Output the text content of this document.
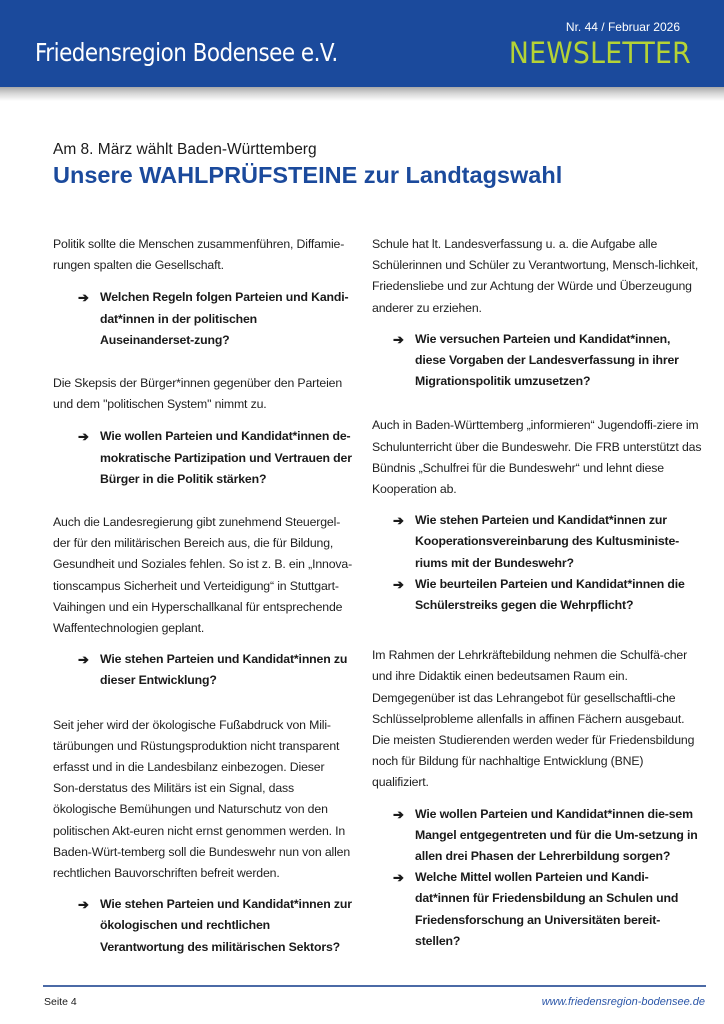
Friedensregion Bodensee e.V.
Nr. 44 / Februar 2026
NEWSLETTER
Am 8. März wählt Baden-Württemberg
Unsere WAHLPRÜFSTEINE zur Landtagswahl

Politik sollte die Menschen zusammenführen, Diffamie-rungen spalten die Gesellschaft.

➔ Welchen Regeln folgen Parteien und Kandi-dat*innen in der politischen Auseinanderset-zung?

Die Skepsis der Bürger*innen gegenüber den Parteien und dem "politischen System" nimmt zu.

➔ Wie wollen Parteien und Kandidat*innen de-mokratische Partizipation und Vertrauen der Bürger in die Politik stärken?

Auch die Landesregierung gibt zunehmend Steuergel-der für den militärischen Bereich aus, die für Bildung, Gesundheit und Soziales fehlen. So ist z. B. ein „Innova-tionscampus Sicherheit und Verteidigung“ in Stuttgart-Vaihingen und ein Hyperschallkanal für entsprechende Waffentechnologien geplant.

➔ Wie stehen Parteien und Kandidat*innen zu dieser Entwicklung?

Seit jeher wird der ökologische Fußabdruck von Mili-tärübungen und Rüstungsproduktion nicht transparent erfasst und in die Landesbilanz einbezogen. Dieser Son-derstatus des Militärs ist ein Signal, dass ökologische Bemühungen und Naturschutz von den politischen Akt-euren nicht ernst genommen werden. In Baden-Würt-temberg soll die Bundeswehr nun von allen rechtlichen Bauvorschriften befreit werden.

➔ Wie stehen Parteien und Kandidat*innen zur ökologischen und rechtlichen Verantwortung des militärischen Sektors?

Schule hat lt. Landesverfassung u. a. die Aufgabe alle Schülerinnen und Schüler zu Verantwortung, Mensch-lichkeit, Friedensliebe und zur Achtung der Würde und Überzeugung anderer zu erziehen.

➔ Wie versuchen Parteien und Kandidat*innen, diese Vorgaben der Landesverfassung in ihrer Migrationspolitik umzusetzen?

Auch in Baden-Württemberg „informieren“ Jugendoffi-ziere im Schulunterricht über die Bundeswehr. Die FRB unterstützt das Bündnis „Schulfrei für die Bundeswehr“ und lehnt diese Kooperation ab.

➔ Wie stehen Parteien und Kandidat*innen zur Kooperationsvereinbarung des Kultusministe-riums mit der Bundeswehr?
➔ Wie beurteilen Parteien und Kandidat*innen die Schülerstreiks gegen die Wehrpflicht?

Im Rahmen der Lehrkräftebildung nehmen die Schulfä-cher und ihre Didaktik einen bedeutsamen Raum ein. Demgegenüber ist das Lehrangebot für gesellschaftli-che Schlüsselprobleme allenfalls in affinen Fächern ausgebaut. Die meisten Studierenden werden weder für Friedensbildung noch für Bildung für nachhaltige Entwicklung (BNE) qualifiziert.

➔ Wie wollen Parteien und Kandidat*innen die-sem Mangel entgegentreten und für die Um-setzung in allen drei Phasen der Lehrerbildung sorgen?
➔ Welche Mittel wollen Parteien und Kandi-dat*innen für Friedensbildung an Schulen und Friedensforschung an Universitäten bereit-stellen?
Seite 4	www.friedensregion-bodensee.de
